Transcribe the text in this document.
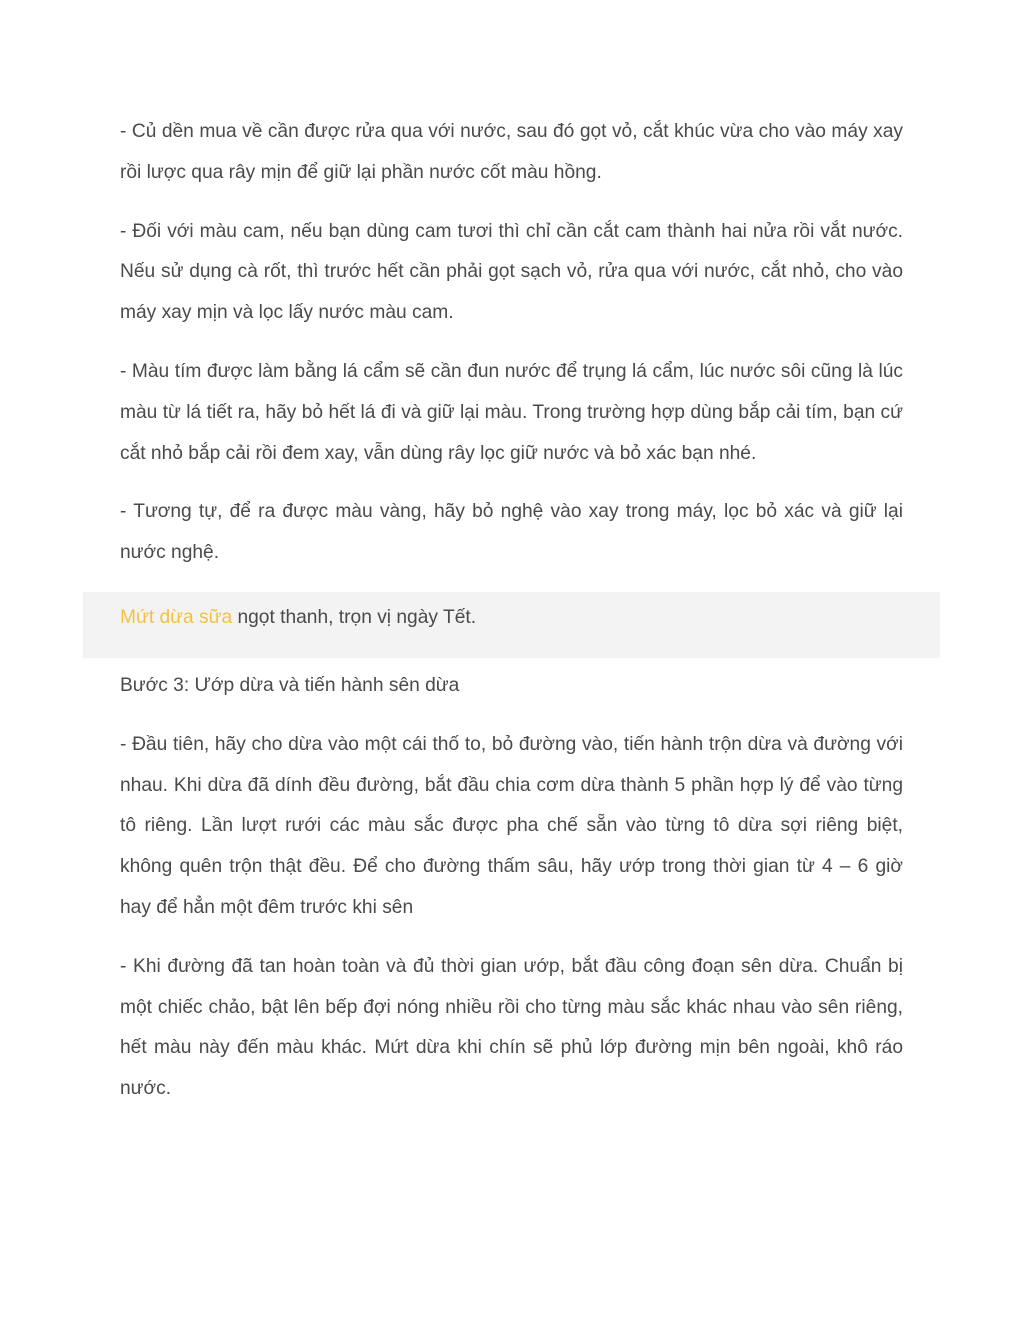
- Củ dền mua về cần được rửa qua với nước, sau đó gọt vỏ, cắt khúc vừa cho vào máy xay rồi lược qua rây mịn để giữ lại phần nước cốt màu hồng.

- Đối với màu cam, nếu bạn dùng cam tươi thì chỉ cần cắt cam thành hai nửa rồi vắt nước. Nếu sử dụng cà rốt, thì trước hết cần phải gọt sạch vỏ, rửa qua với nước, cắt nhỏ, cho vào máy xay mịn và lọc lấy nước màu cam.

- Màu tím được làm bằng lá cẩm sẽ cần đun nước để trụng lá cẩm, lúc nước sôi cũng là lúc màu từ lá tiết ra, hãy bỏ hết lá đi và giữ lại màu. Trong trường hợp dùng bắp cải tím, bạn cứ cắt nhỏ bắp cải rồi đem xay, vẫn dùng rây lọc giữ nước và bỏ xác bạn nhé.

- Tương tự, để ra được màu vàng, hãy bỏ nghệ vào xay trong máy, lọc bỏ xác và giữ lại nước nghệ.

Mứt dừa sữa ngọt thanh, trọn vị ngày Tết.

Bước 3: Ướp dừa và tiến hành sên dừa

- Đầu tiên, hãy cho dừa vào một cái thố to, bỏ đường vào, tiến hành trộn dừa và đường với nhau. Khi dừa đã dính đều đường, bắt đầu chia cơm dừa thành 5 phần hợp lý để vào từng tô riêng. Lần lượt rưới các màu sắc được pha chế sẵn vào từng tô dừa sợi riêng biệt, không quên trộn thật đều. Để cho đường thấm sâu, hãy ướp trong thời gian từ 4 – 6 giờ hay để hẳn một đêm trước khi sên

- Khi đường đã tan hoàn toàn và đủ thời gian ướp, bắt đầu công đoạn sên dừa. Chuẩn bị một chiếc chảo, bật lên bếp đợi nóng nhiều rồi cho từng màu sắc khác nhau vào sên riêng, hết màu này đến màu khác. Mứt dừa khi chín sẽ phủ lớp đường mịn bên ngoài, khô ráo nước.
